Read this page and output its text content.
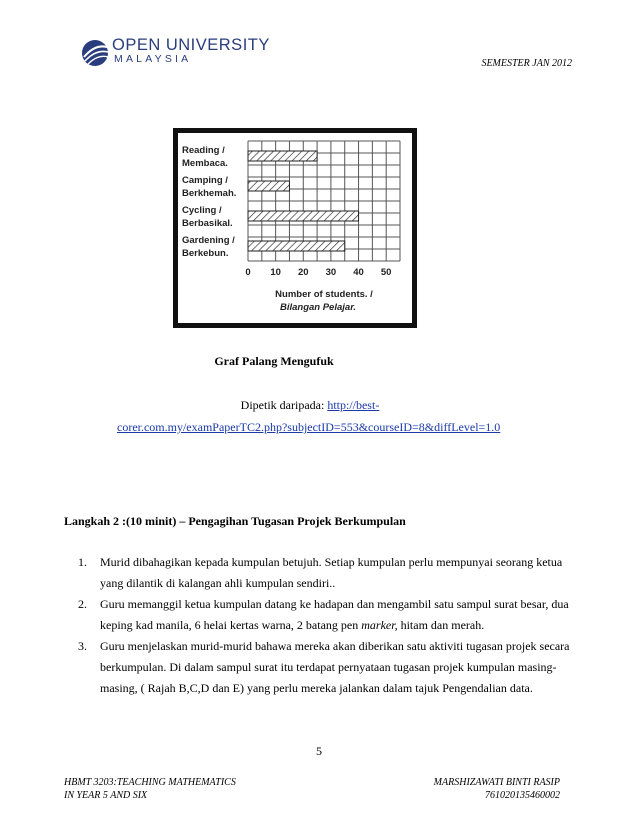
OPEN UNIVERSITY
MALAYSIA	SEMESTER JAN 2012
Reading /
Membaca.
Camping /
Berkhemah.
Cycling /
Berbasikal.
Gardening /
Berkebun.
0 10 20 30 40 50
Number of students. /
Bilangan Pelajar.
Graf Palang Mengufuk
Dipetik daripada: http://best-
corer.com.my/examPaperTC2.php?subjectID=553&courseID=8&diffLevel=1.0
Langkah 2 :(10 minit) – Pengagihan Tugasan Projek Berkumpulan
1.	Murid dibahagikan kepada kumpulan betujuh. Setiap kumpulan perlu mempunyai seorang ketua yang dilantik di kalangan ahli kumpulan sendiri..
2.	Guru memanggil ketua kumpulan datang ke hadapan dan mengambil satu sampul surat besar, dua keping kad manila, 6 helai kertas warna, 2 batang pen marker, hitam dan merah.
3.	Guru menjelaskan murid-murid bahawa mereka akan diberikan satu aktiviti tugasan projek secara berkumpulan. Di dalam sampul surat itu terdapat pernyataan tugasan projek kumpulan masing-masing, ( Rajah B,C,D dan E) yang perlu mereka jalankan dalam tajuk Pengendalian data.
5
HBMT 3203:TEACHING MATHEMATICS
IN YEAR 5 AND SIX
MARSHIZAWATI BINTI RASIP
761020135460002
